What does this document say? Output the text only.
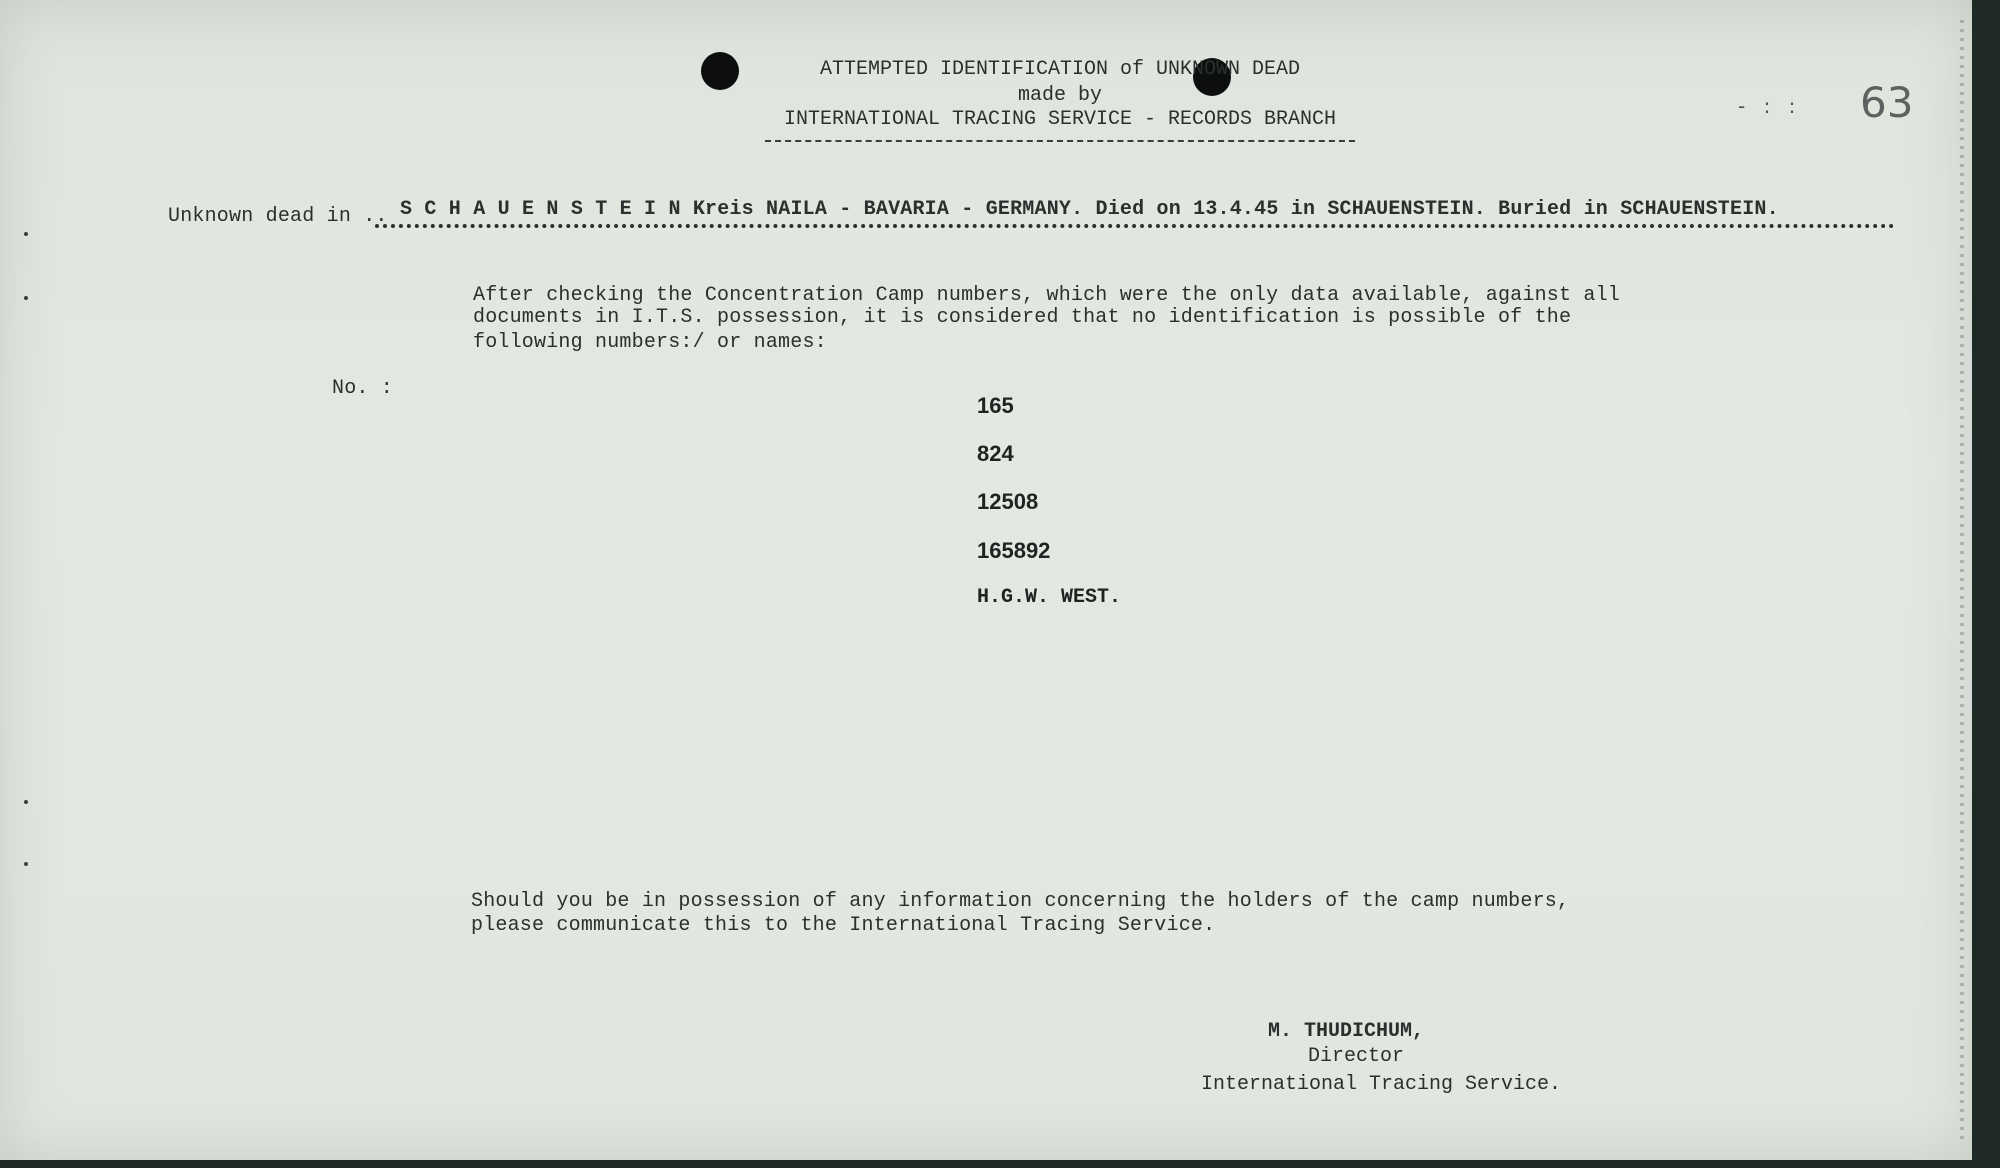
ATTEMPTED IDENTIFICATION of UNKNOWN DEAD
made by
INTERNATIONAL TRACING SERVICE - RECORDS BRANCH
- : : 63
Unknown dead in .. S C H A U E N S T E I N Kreis NAILA - BAVARIA - GERMANY. Died on 13.4.45 in SCHAUENSTEIN. Buried in SCHAUENSTEIN.
After checking the Concentration Camp numbers, which were the only data available, against all
documents in I.T.S. possession, it is considered that no identification is possible of the
following numbers:/ or names:
No. :
165
824
12508
165892
H.G.W. WEST.
Should you be in possession of any information concerning the holders of the camp numbers,
please communicate this to the International Tracing Service.
M. THUDICHUM,
Director
International Tracing Service.
